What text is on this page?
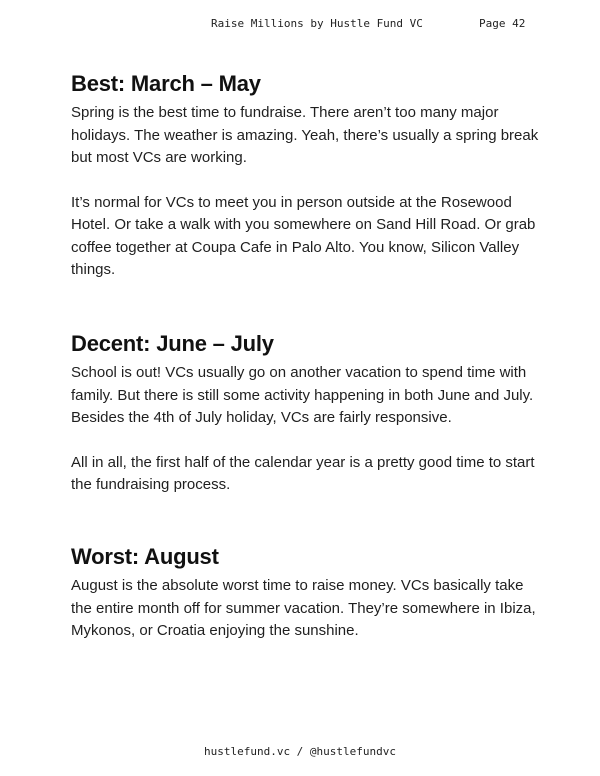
Raise Millions by Hustle Fund VC	Page 42
Best: March – May

Spring is the best time to fundraise. There aren’t too many major holidays. The weather is amazing. Yeah, there’s usually a spring break but most VCs are working.

It’s normal for VCs to meet you in person outside at the Rosewood Hotel. Or take a walk with you somewhere on Sand Hill Road. Or grab coffee together at Coupa Cafe in Palo Alto. You know, Silicon Valley things.

Decent: June – July

School is out! VCs usually go on another vacation to spend time with family. But there is still some activity happening in both June and July. Besides the 4th of July holiday, VCs are fairly responsive.

All in all, the first half of the calendar year is a pretty good time to start the fundraising process.

Worst: August

August is the absolute worst time to raise money. VCs basically take the entire month off for summer vacation. They’re somewhere in Ibiza, Mykonos, or Croatia enjoying the sunshine.

hustlefund.vc / @hustlefundvc
